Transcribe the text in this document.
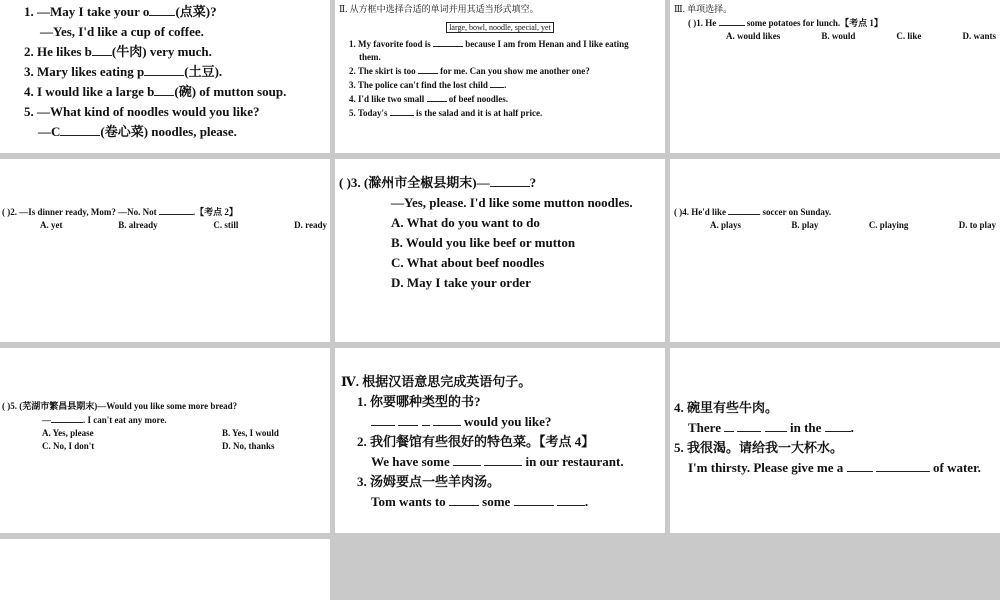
1. —May I take your o (点菜)?

—Yes, I'd like a cup of coffee.

2. He likes b (牛肉) very much.

3. Mary likes eating p	(土豆).

4. I would like a large b (碗) of mutton soup.

5. —What kind of noodles would you like?

—C	(卷心菜) noodles, please.

Ⅱ. 从方框中选择合适的单词并用其适当形式填空。

large, bowl, noodle, special, yet

1. My favorite food is	because I am from Henan and I like eating

them.

2. The skirt is too	for me. Can you show me another one?

3. The police can't find the lost child .

4. I'd like two small	of beef noodles.

5. Today's	is the salad and it is at half price.

Ⅲ. 单项选择。

( )1. He	some potatoes for lunch.【考点 1】

A. would likes	B. would	C. like	D. wants

( )2. —Is dinner ready, Mom? —No. Not	.【考点 2】

A. yet	B. already	C. still	D. ready

( )3. (滁州市全椒县期末)—	?

—Yes, please. I'd like some mutton noodles.

A. What do you want to do

B. Would you like beef or mutton

C. What about beef noodles

D. May I take your order

( )4. He'd like	soccer on Sunday.

A. plays	B. play	C. playing	D. to play

( )5. (芜湖市繁昌县期末)—Would you like some more bread?

—	. I can't eat any more.

A. Yes, please	B. Yes, I would
C. No, I don't	D. No, thanks

Ⅳ. 根据汉语意思完成英语句子。

1. 你要哪种类型的书?

would you like?

2. 我们餐馆有些很好的特色菜。【考点 4】

We have some	in our restaurant.

3. 汤姆要点一些羊肉汤。

Tom wants to	some	.

4. 碗里有些牛肉。

There	in the .

5. 我很渴。请给我一大杯水。

I'm thirsty. Please give me a	of water.
